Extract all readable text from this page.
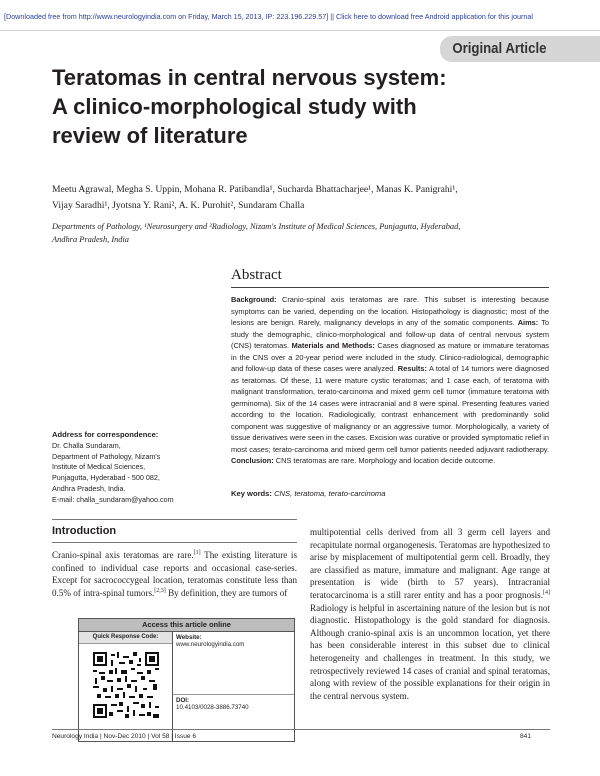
[Downloaded free from http://www.neurologyindia.com on Friday, March 15, 2013, IP: 223.196.229.57] || Click here to download free Android application for this journal
Original Article
Teratomas in central nervous system:
A clinico-morphological study with
review of literature
Meetu Agrawal, Megha S. Uppin, Mohana R. Patibandla¹, Sucharda Bhattacharjee¹, Manas K. Panigrahi¹,
Vijay Saradhi¹, Jyotsna Y. Rani², A. K. Purohit², Sundaram Challa
Departments of Pathology, ¹Neurosurgery and ²Radiology, Nizam's Institute of Medical Sciences, Punjagutta, Hyderabad,
Andhra Pradesh, India
Abstract
Background: Cranio-spinal axis teratomas are rare. This subset is interesting because symptoms can be varied, depending on the location. Histopathology is diagnostic; most of the lesions are benign. Rarely, malignancy develops in any of the somatic components. Aims: To study the demographic, clinico-morphological and follow-up data of central nervous system (CNS) teratomas. Materials and Methods: Cases diagnosed as mature or immature teratomas in the CNS over a 20-year period were included in the study. Clinico-radiological, demographic and follow-up data of these cases were analyzed. Results: A total of 14 tumors were diagnosed as teratomas. Of these, 11 were mature cystic teratomas; and 1 case each, of teratoma with malignant transformation, terato-carcinoma and mixed germ cell tumor (immature teratoma with germinoma). Six of the 14 cases were intracranial and 8 were spinal. Presenting features varied according to the location. Radiologically, contrast enhancement with predominantly solid component was suggestive of malignancy or an aggressive tumor. Morphologically, a variety of tissue derivatives were seen in the cases. Excision was curative or provided symptomatic relief in most cases; terato-carcinoma and mixed germ cell tumor patients needed adjuvant radiotherapy. Conclusion: CNS teratomas are rare. Morphology and location decide outcome.
Key words: CNS, teratoma, terato-carcinoma
Address for correspondence:
Dr. Challa Sundaram,
Department of Pathology, Nizam's
Institute of Medical Sciences,
Punjagutta, Hyderabad - 500 082,
Andhra Pradesh, India.
E-mail: challa_sundaram@yahoo.com
Introduction
Cranio-spinal axis teratomas are rare.[1] The existing literature is confined to individual case reports and occasional case-series. Except for sacrococcygeal location, teratomas constitute less than 0.5% of intra-spinal tumors.[2,3] By definition, they are tumors of
multipotential cells derived from all 3 germ cell layers and recapitulate normal organogenesis. Teratomas are hypothesized to arise by misplacement of multipotential germ cell. Broadly, they are classified as mature, immature and malignant. Age range at presentation is wide (birth to 57 years). Intracranial teratocarcinoma is a still rarer entity and has a poor prognosis.[4] Radiology is helpful in ascertaining nature of the lesion but is not diagnostic. Histopathology is the gold standard for diagnosis. Although cranio-spinal axis is an uncommon location, yet there has been considerable interest in this subset due to clinical heterogeneity and challenges in treatment. In this study, we retrospectively reviewed 14 cases of cranial and spinal teratomas, along with review of the possible explanations for their origin in the central nervous system.
Access this article online
Quick Response Code:	Website:
www.neurologyindia.com
DOI:
10.4103/0028-3886.73740
Neurology India | Nov-Dec 2010 | Vol 58 | Issue 6	841
